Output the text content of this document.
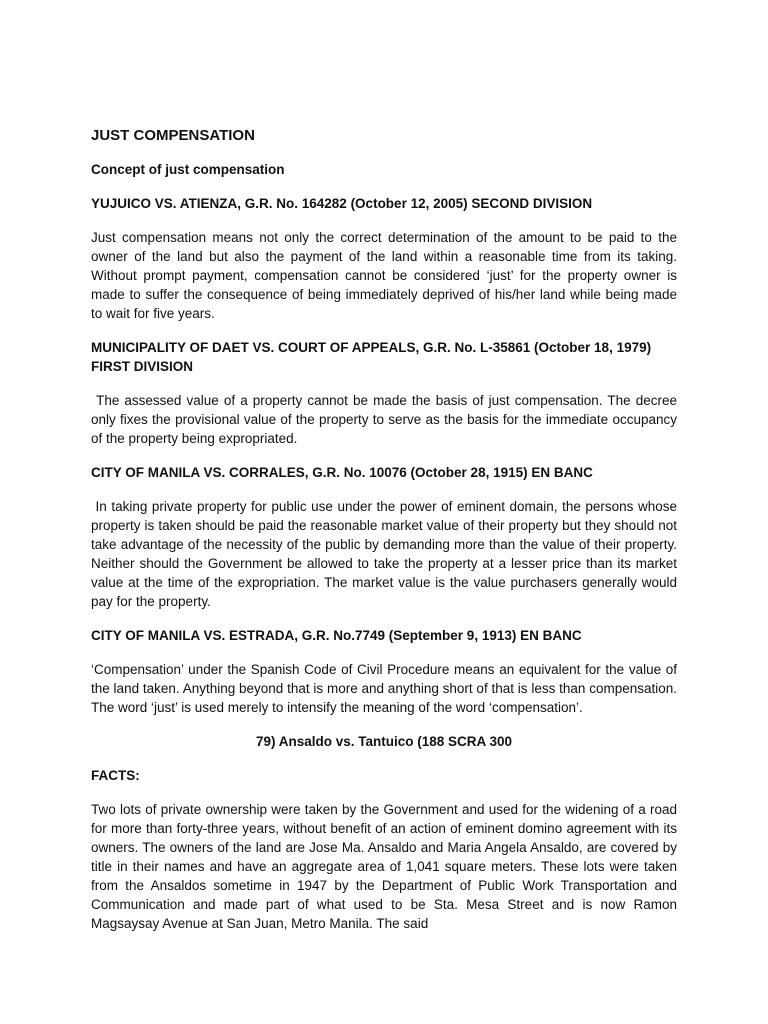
JUST COMPENSATION
Concept of just compensation
YUJUICO VS. ATIENZA, G.R. No. 164282 (October 12, 2005) SECOND DIVISION
Just compensation means not only the correct determination of the amount to be paid to the owner of the land but also the payment of the land within a reasonable time from its taking. Without prompt payment, compensation cannot be considered ‘just’ for the property owner is made to suffer the consequence of being immediately deprived of his/her land while being made to wait for five years.
MUNICIPALITY OF DAET VS. COURT OF APPEALS, G.R. No. L-35861 (October 18, 1979) FIRST DIVISION
The assessed value of a property cannot be made the basis of just compensation. The decree only fixes the provisional value of the property to serve as the basis for the immediate occupancy of the property being expropriated.
CITY OF MANILA VS. CORRALES, G.R. No. 10076 (October 28, 1915) EN BANC
In taking private property for public use under the power of eminent domain, the persons whose property is taken should be paid the reasonable market value of their property but they should not take advantage of the necessity of the public by demanding more than the value of their property. Neither should the Government be allowed to take the property at a lesser price than its market value at the time of the expropriation. The market value is the value purchasers generally would pay for the property.
CITY OF MANILA VS. ESTRADA, G.R. No.7749 (September 9, 1913) EN BANC
‘Compensation’ under the Spanish Code of Civil Procedure means an equivalent for the value of the land taken. Anything beyond that is more and anything short of that is less than compensation. The word ‘just’ is used merely to intensify the meaning of the word ‘compensation’.
79) Ansaldo vs. Tantuico (188 SCRA 300
FACTS:
Two lots of private ownership were taken by the Government and used for the widening of a road for more than forty-three years, without benefit of an action of eminent domino agreement with its owners. The owners of the land are Jose Ma. Ansaldo and Maria Angela Ansaldo, are covered by title in their names and have an aggregate area of 1,041 square meters. These lots were taken from the Ansaldos sometime in 1947 by the Department of Public Work Transportation and Communication and made part of what used to be Sta. Mesa Street and is now Ramon Magsaysay Avenue at San Juan, Metro Manila. The said
